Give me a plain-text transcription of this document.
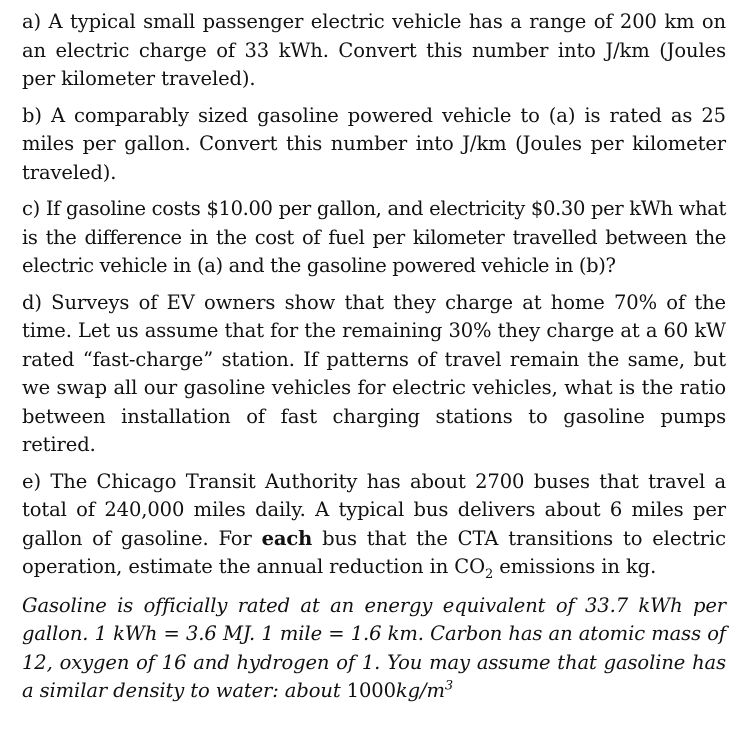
a) A typical small passenger electric vehicle has a range of 200 km on an electric charge of 33 kWh. Convert this number into J/km (Joules per kilometer traveled).

b) A comparably sized gasoline powered vehicle to (a) is rated as 25 miles per gallon. Convert this number into J/km (Joules per kilometer traveled).

c) If gasoline costs $10.00 per gallon, and electricity $0.30 per kWh what is the difference in the cost of fuel per kilometer travelled between the electric vehicle in (a) and the gasoline powered vehicle in (b)?

d) Surveys of EV owners show that they charge at home 70% of the time. Let us assume that for the remaining 30% they charge at a 60 kW rated “fast-charge” station. If patterns of travel remain the same, but we swap all our gasoline vehicles for electric vehicles, what is the ratio between installation of fast charging stations to gasoline pumps retired.

e) The Chicago Transit Authority has about 2700 buses that travel a total of 240,000 miles daily. A typical bus delivers about 6 miles per gallon of gasoline. For each bus that the CTA transitions to electric operation, estimate the annual reduction in $CO_2$ emissions in kg.

Gasoline is officially rated at an energy equivalent of 33.7 kWh per gallon. 1 kWh = 3.6 MJ. 1 mile = 1.6 km. Carbon has an atomic mass of 12, oxygen of 16 and hydrogen of 1. You may assume that gasoline has a similar density to water: about $1000kg/m^3$
